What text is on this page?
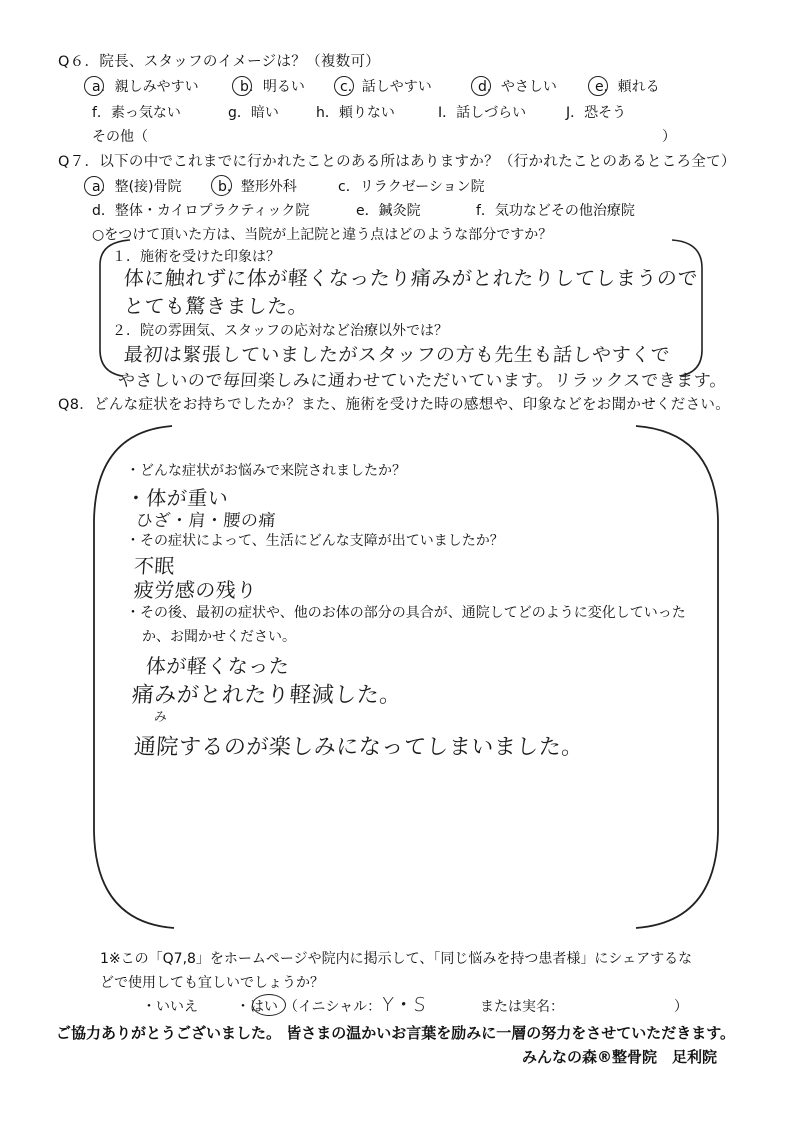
Q６．院長、スタッフのイメージは？（複数可）
a．親しみやすい	b．明るい	c．話しやすい	d．やさしい	e．頼れる
f．素っ気ない	g．暗い	h．頼りない	I．話しづらい	J．恐そう
その他（	）
Q７．以下の中でこれまでに行かれたことのある所はありますか？（行かれたことのあるところ全て）
a．整(接)骨院	b．整形外科	c．リラクゼーション院
d．整体・カイロプラクティック院	e．鍼灸院	f．気功などその他治療院
○をつけて頂いた方は、当院が上記院と違う点はどのような部分ですか？
１．施術を受けた印象は？
体に触れずに体が軽くなったり痛みがとれたりしてしまうので
とても驚きました。
２．院の雰囲気、スタッフの応対など治療以外では？
最初は緊張していましたがスタッフの方も先生も話しやすくで
やさしいので毎回楽しみに通わせていただいています。リラックスできます。
Q8．どんな症状をお持ちでしたか？また、施術を受けた時の感想や、印象などをお聞かせください。
・どんな症状がお悩みで来院されましたか？
・体が重い
ひざ・肩・腰の痛
・その症状によって、生活にどんな支障が出ていましたか？
不眠
疲労感の残り
・その後、最初の症状や、他のお体の部分の具合が、通院してどのように変化していった
か、お聞かせください。
体が軽くなった
痛みがとれたり軽減した。
み
通院するのが楽しみになってしまいました。
1※この「Q7,8」をホームページや院内に掲示して、「同じ悩みを持つ患者様」にシェアするな
どで使用しても宜しいでしょうか？
・いいえ	・はい （イニシャル： Y・S	または実名：	）
ご協力ありがとうございました。 皆さまの温かいお言葉を励みに一層の努力をさせていただきます。
みんなの森®整骨院　足利院
